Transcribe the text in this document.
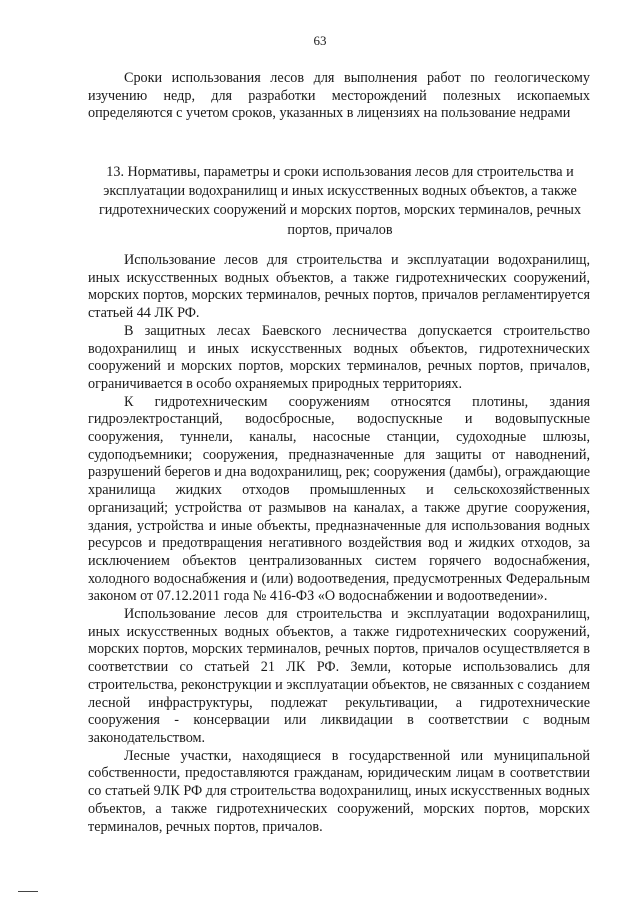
63
Сроки использования лесов для выполнения работ по геологическому изучению недр, для разработки месторождений полезных ископаемых определяются с учетом сроков, указанных в лицензиях на пользование недрами
13. Нормативы, параметры и сроки использования лесов для строительства и эксплуатации водохранилищ и иных искусственных водных объектов, а также гидротехнических сооружений и морских портов, морских терминалов, речных портов, причалов

Использование лесов для строительства и эксплуатации водохранилищ, иных искусственных водных объектов, а также гидротехнических сооружений, морских портов, морских терминалов, речных портов, причалов регламентируется статьей 44 ЛК РФ.

В защитных лесах Баевского лесничества допускается строительство водохранилищ и иных искусственных водных объектов, гидротехнических сооружений и морских портов, морских терминалов, речных портов, причалов, ограничивается в особо охраняемых природных территориях.

К гидротехническим сооружениям относятся плотины, здания гидроэлектростанций, водосбросные, водоспускные и водовыпускные сооружения, туннели, каналы, насосные станции, судоходные шлюзы, судоподъемники; сооружения, предназначенные для защиты от наводнений, разрушений берегов и дна водохранилищ, рек; сооружения (дамбы), ограждающие хранилища жидких отходов промышленных и сельскохозяйственных организаций; устройства от размывов на каналах, а также другие сооружения, здания, устройства и иные объекты, предназначенные для использования водных ресурсов и предотвращения негативного воздействия вод и жидких отходов, за исключением объектов централизованных систем горячего водоснабжения, холодного водоснабжения и (или) водоотведения, предусмотренных Федеральным законом от 07.12.2011 года № 416-ФЗ «О водоснабжении и водоотведении».

Использование лесов для строительства и эксплуатации водохранилищ, иных искусственных водных объектов, а также гидротехнических сооружений, морских портов, морских терминалов, речных портов, причалов осуществляется в соответствии со статьей 21 ЛК РФ. Земли, которые использовались для строительства, реконструкции и эксплуатации объектов, не связанных с созданием лесной инфраструктуры, подлежат рекультивации, а гидротехнические сооружения - консервации или ликвидации в соответствии с водным законодательством.

Лесные участки, находящиеся в государственной или муниципальной собственности, предоставляются гражданам, юридическим лицам в соответствии со статьей 9ЛК РФ для строительства водохранилищ, иных искусственных водных объектов, а также гидротехнических сооружений, морских портов, морских терминалов, речных портов, причалов.
